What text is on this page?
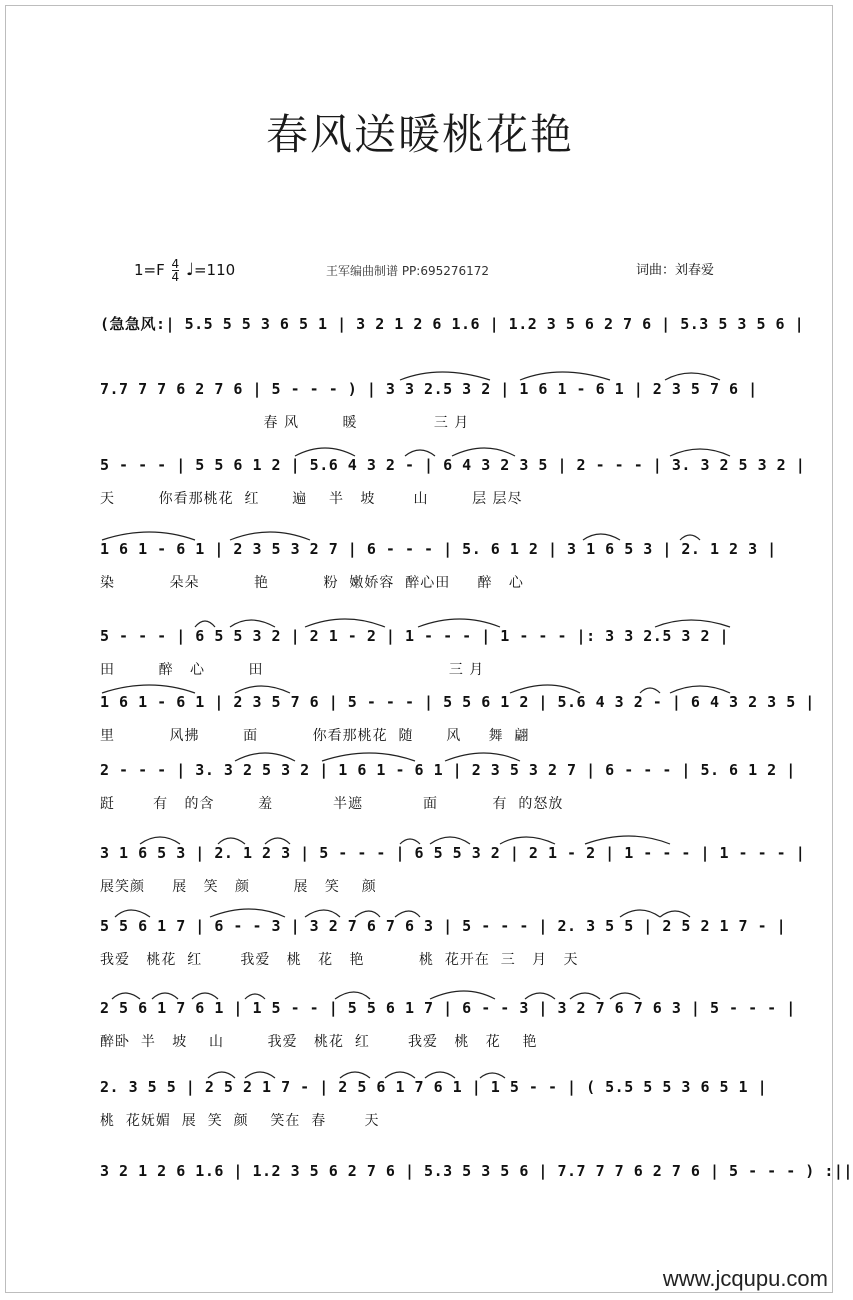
春风送暖桃花艳
$1=F \frac{4}{4}$ ♩=110	王军编曲制谱 PP:695276172	词曲：刘春爱
(急急风:| 5.5 5 5 3 6 5 1 | 3 2 1 2 6 1.6 | 1.2 3 5 6 2 7 6 | 5.3 5 3 5 6 |
7.7 7 7 6 2 7 6 | 5 - - - ) | 3 3 2.5 3 2 | 1 6 1 - 6 1 | 2 3 5 7 6 |
春 风        暖              三 月
5 - - - | 5 5 6 1 2 | 5.6 4 3 2 - | 6 4 3 2 3 5 | 2 - - - | 3. 3 2 5 3 2 |
天        你看那桃花  红      遍    半   坡       山        层 层尽
1 6 1 - 6 1 | 2 3 5 3 2 7 | 6 - - - | 5. 6 1 2 | 3 1 6 5 3 | 2. 1 2 3 |
染          朵朵          艳          粉  嫩娇容  醉心田     醉   心
5 - - - | 6 5 5 3 2 | 2 1 - 2 | 1 - - - | 1 - - - |: 3 3 2.5 3 2 |
田        醉   心        田                                  三 月
1 6 1 - 6 1 | 2 3 5 7 6 | 5 - - - | 5 5 6 1 2 | 5.6 4 3 2 - | 6 4 3 2 3 5 |
里          风拂        面          你看那桃花  随      风     舞  翩
2 - - - | 3. 3 2 5 3 2 | 1 6 1 - 6 1 | 2 3 5 3 2 7 | 6 - - - | 5. 6 1 2 |
跹       有   的含        羞           半遮           面          有  的怒放
3 1 6 5 3 | 2. 1 2 3 | 5 - - - | 6 5 5 3 2 | 2 1 - 2 | 1 - - - | 1 - - - |
展笑颜     展   笑   颜        展   笑    颜
5 5 6 1 7 | 6 - - 3 | 3 2 7 6 7 6 3 | 5 - - - | 2. 3 5 5 | 2 5 2 1 7 - |
我爱   桃花  红       我爱   桃   花   艳          桃  花开在  三   月   天
2 5 6 1 7 6 1 | 1 5 - - | 5 5 6 1 7 | 6 - - 3 | 3 2 7 6 7 6 3 | 5 - - - |
醉卧  半   坡    山        我爱   桃花  红       我爱   桃   花    艳
2. 3 5 5 | 2 5 2 1 7 - | 2 5 6 1 7 6 1 | 1 5 - - | ( 5.5 5 5 3 6 5 1 |
桃  花妩媚  展  笑  颜    笑在  春       天
3 2 1 2 6 1.6 | 1.2 3 5 6 2 7 6 | 5.3 5 3 5 6 | 7.7 7 7 6 2 7 6 | 5 - - - ) :||
www.jcqupu.com
